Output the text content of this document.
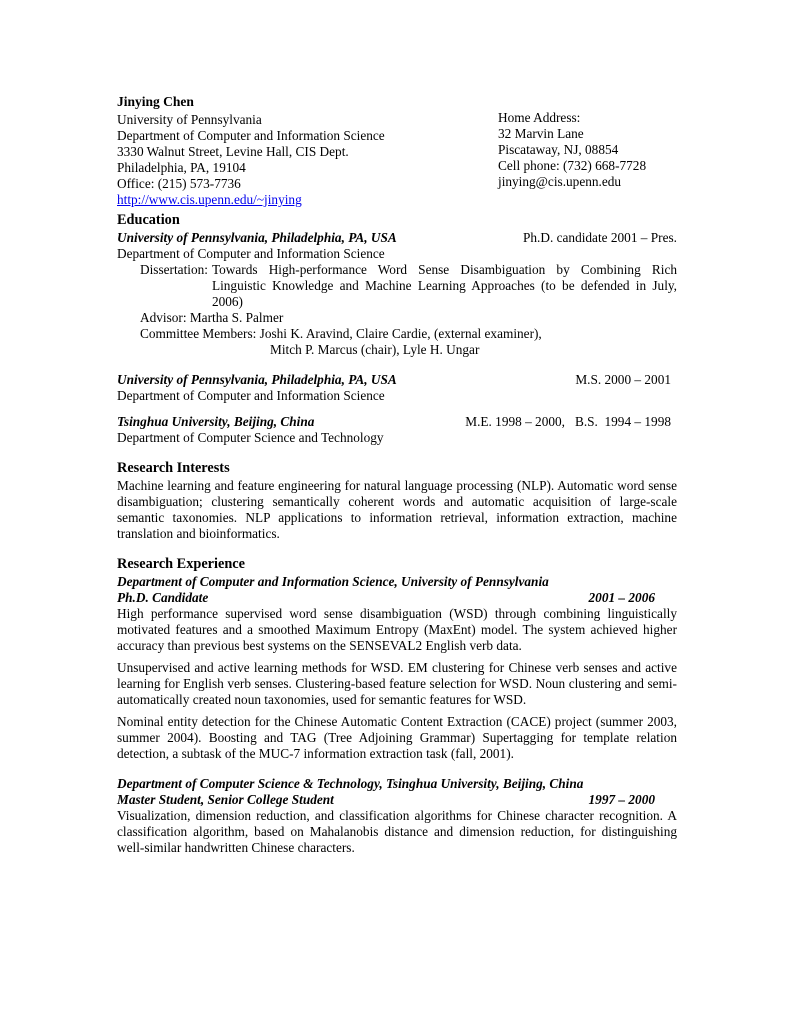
Jinying Chen
University of Pennsylvania
Department of Computer and Information Science
3330 Walnut Street, Levine Hall, CIS Dept.
Philadelphia, PA, 19104
Office: (215) 573-7736
http://www.cis.upenn.edu/~jinying
Home Address:
32 Marvin Lane
Piscataway, NJ, 08854
Cell phone: (732) 668-7728
jinying@cis.upenn.edu
Education
University of Pennsylvania, Philadelphia, PA, USA	Ph.D. candidate 2001 – Pres.
Department of Computer and Information Science
Dissertation: Towards High-performance Word Sense Disambiguation by Combining Rich Linguistic Knowledge and Machine Learning Approaches (to be defended in July, 2006)
Advisor: Martha S. Palmer
Committee Members: Joshi K. Aravind, Claire Cardie, (external examiner),
Mitch P. Marcus (chair), Lyle H. Ungar
University of Pennsylvania, Philadelphia, PA, USA	M.S. 2000 – 2001
Department of Computer and Information Science
Tsinghua University, Beijing, China	M.E. 1998 – 2000,   B.S.  1994 – 1998
Department of Computer Science and Technology
Research Interests
Machine learning and feature engineering for natural language processing (NLP). Automatic word sense disambiguation; clustering semantically coherent words and automatic acquisition of large-scale semantic taxonomies. NLP applications to information retrieval, information extraction, machine translation and bioinformatics.
Research Experience
Department of Computer and Information Science, University of Pennsylvania
Ph.D. Candidate	2001 – 2006
High performance supervised word sense disambiguation (WSD) through combining linguistically motivated features and a smoothed Maximum Entropy (MaxEnt) model. The system achieved higher accuracy than previous best systems on the SENSEVAL2 English verb data.
Unsupervised and active learning methods for WSD. EM clustering for Chinese verb senses and active learning for English verb senses. Clustering-based feature selection for WSD. Noun clustering and semi-automatically created noun taxonomies, used for semantic features for WSD.
Nominal entity detection for the Chinese Automatic Content Extraction (CACE) project (summer 2003, summer 2004). Boosting and TAG (Tree Adjoining Grammar) Supertagging for template relation detection, a subtask of the MUC-7 information extraction task (fall, 2001).
Department of Computer Science & Technology, Tsinghua University, Beijing, China
Master Student, Senior College Student	1997 – 2000
Visualization, dimension reduction, and classification algorithms for Chinese character recognition. A classification algorithm, based on Mahalanobis distance and dimension reduction, for distinguishing well-similar handwritten Chinese characters.
